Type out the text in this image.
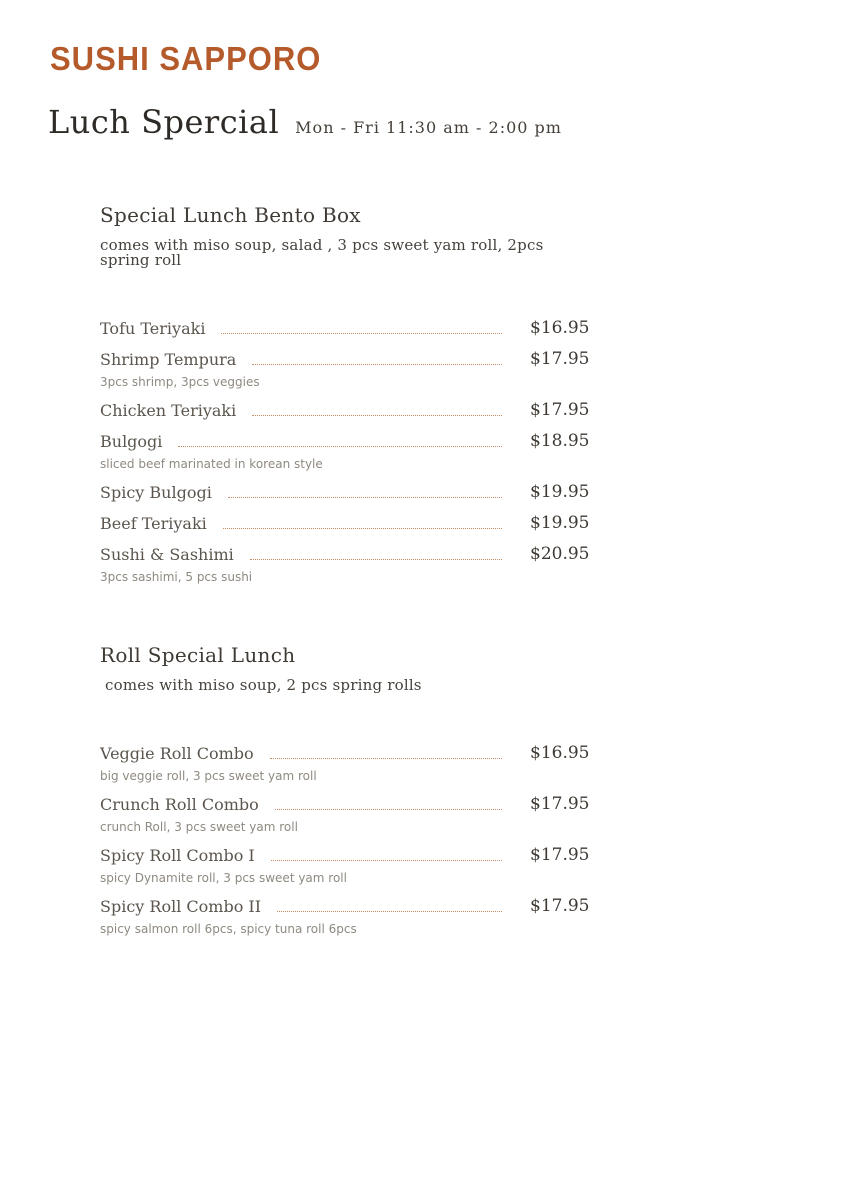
SUSHI SAPPORO
Luch Spercial Mon - Fri 11:30 am - 2:00 pm
Special Lunch Bento Box
comes with miso soup, salad , 3 pcs sweet yam roll, 2pcs spring roll
Tofu Teriyaki	$16.95
Shrimp Tempura	$17.95
3pcs shrimp, 3pcs veggies
Chicken Teriyaki	$17.95
Bulgogi	$18.95
sliced beef marinated in korean style
Spicy Bulgogi	$19.95
Beef Teriyaki	$19.95
Sushi & Sashimi	$20.95
3pcs sashimi, 5 pcs sushi
Roll Special Lunch
comes with miso soup, 2 pcs spring rolls
Veggie Roll Combo	$16.95
big veggie roll, 3 pcs sweet yam roll
Crunch Roll Combo	$17.95
crunch Roll, 3 pcs sweet yam roll
Spicy Roll Combo I	$17.95
spicy Dynamite roll, 3 pcs sweet yam roll
Spicy Roll Combo II	$17.95
spicy salmon roll 6pcs, spicy tuna roll 6pcs
